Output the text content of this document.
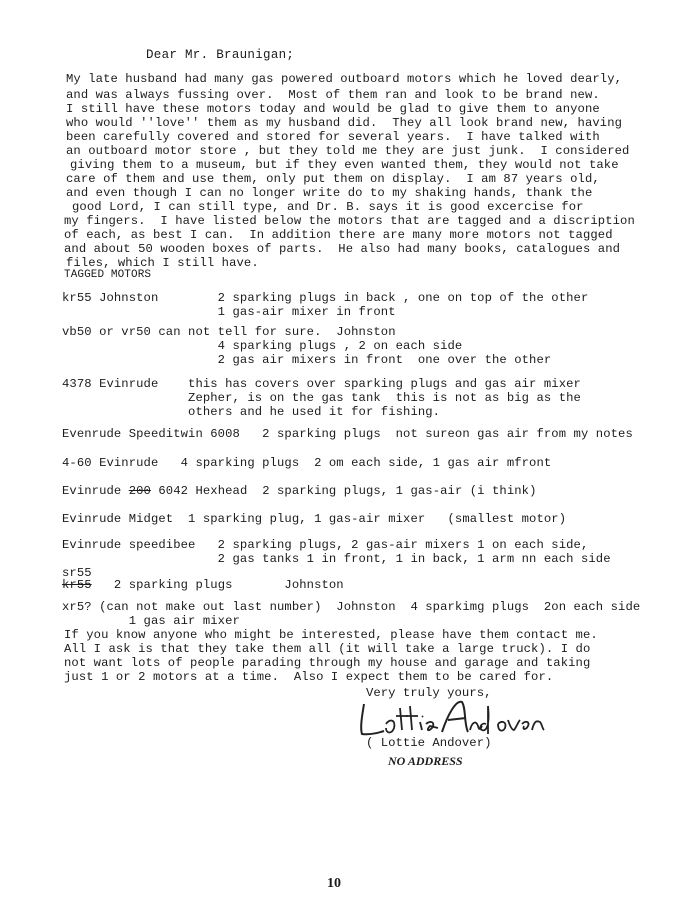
Dear Mr. Braunigan;
My late husband had many gas powered outboard motors which he loved dearly,
and was always fussing over.  Most of them ran and look to be brand new.
I still have these motors today and would be glad to give them to anyone
who would ''love'' them as my husband did.  They all look brand new, having
been carefully covered and stored for several years.  I have talked with
an outboard motor store , but they told me they are just junk.  I considered
giving them to a museum, but if they even wanted them, they would not take
care of them and use them, only put them on display.  I am 87 years old,
and even though I can no longer write do to my shaking hands, thank the
good Lord, I can still type, and Dr. B. says it is good excercise for
my fingers.  I have listed below the motors that are tagged and a discription
of each, as best I can.  In addition there are many more motors not tagged
and about 50 wooden boxes of parts.  He also had many books, catalogues and
files, which I still have.
TAGGED MOTORS
kr55 Johnston        2 sparking plugs in back , one on top of the other
1 gas-air mixer in front
vb50 or vr50 can not tell for sure.  Johnston
4 sparking plugs , 2 on each side
2 gas air mixers in front  one over the other
4378 Evinrude    this has covers over sparking plugs and gas air mixer
Zepher, is on the gas tank  this is not as big as the
others and he used it for fishing.
Evenrude Speeditwin 6008   2 sparking plugs  not sureon gas air from my notes
4-60 Evinrude   4 sparking plugs  2 om each side, 1 gas air mfront
Evinrude 200 6042 Hexhead  2 sparking plugs, 1 gas-air (i think)
Evinrude Midget  1 sparking plug, 1 gas-air mixer   (smallest motor)
Evinrude speedibee   2 sparking plugs, 2 gas-air mixers 1 on each side,
2 gas tanks 1 in front, 1 in back, 1 arm nn each side
sr55
kr55   2 sparking plugs       Johnston
xr5? (can not make out last number)  Johnston  4 sparkimg plugs  2on each side
1 gas air mixer
If you know anyone who might be interested, please have them contact me.
All I ask is that they take them all (it will take a large truck). I do
not want lots of people parading through my house and garage and taking
just 1 or 2 motors at a time.  Also I expect them to be cared for.
Very truly yours,
( Lottie Andover)
NO ADDRESS
10
